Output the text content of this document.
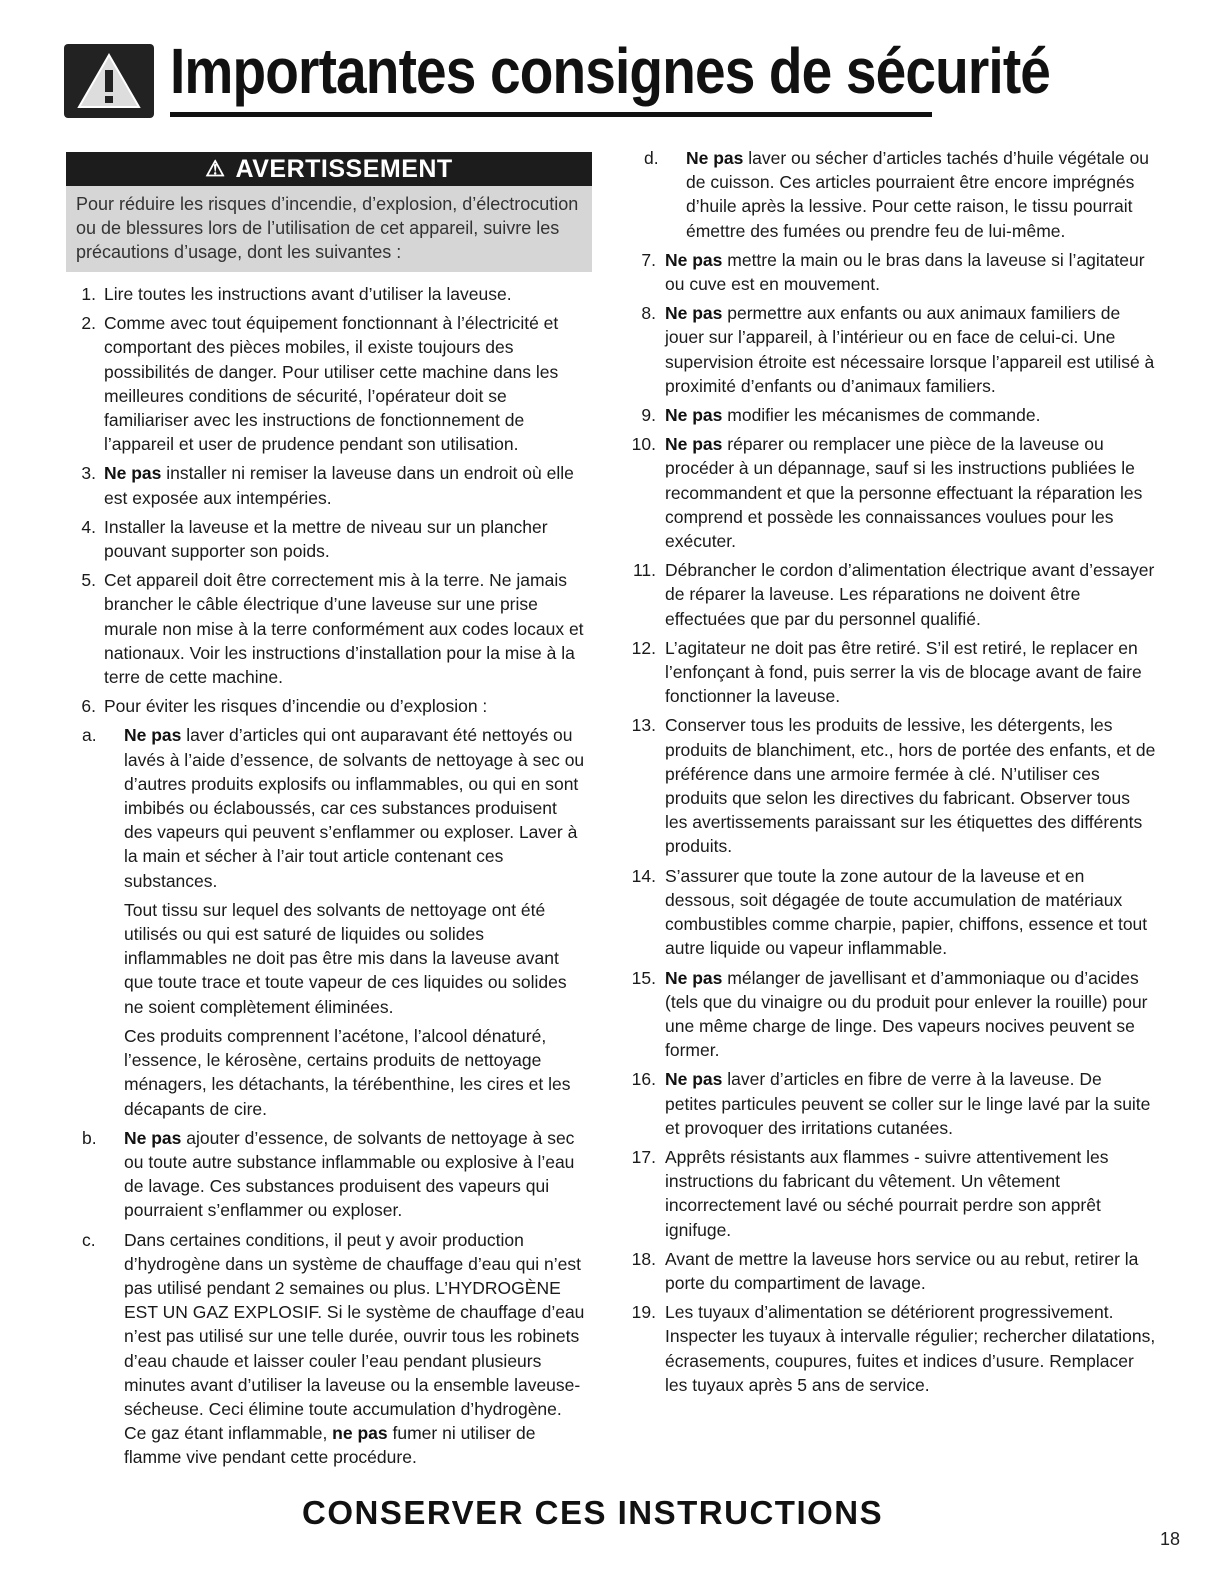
Importantes consignes de sécurité
⚠ AVERTISSEMENT
Pour réduire les risques d’incendie, d’explosion, d’électrocution ou de blessures lors de l’utilisation de cet appareil, suivre les précautions d’usage, dont les suivantes :
1. Lire toutes les instructions avant d’utiliser la laveuse.
2. Comme avec tout équipement fonctionnant à l’électricité et comportant des pièces mobiles, il existe toujours des possibilités de danger. Pour utiliser cette machine dans les meilleures conditions de sécurité, l’opérateur doit se familiariser avec les instructions de fonctionnement de l’appareil et user de prudence pendant son utilisation.
3. Ne pas installer ni remiser la laveuse dans un endroit où elle est exposée aux intempéries.
4. Installer la laveuse et la mettre de niveau sur un plancher pouvant supporter son poids.
5. Cet appareil doit être correctement mis à la terre. Ne jamais brancher le câble électrique d’une laveuse sur une prise murale non mise à la terre conformément aux codes locaux et nationaux. Voir les instructions d’installation pour la mise à la terre de cette machine.
6. Pour éviter les risques d’incendie ou d’explosion :
a.	Ne pas laver d’articles qui ont auparavant été nettoyés ou lavés à l’aide d’essence, de solvants de nettoyage à sec ou d’autres produits explosifs ou inflammables, ou qui en sont imbibés ou éclaboussés, car ces substances produisent des vapeurs qui peuvent s’enflammer ou exploser. Laver à la main et sécher à l’air tout article contenant ces substances.
Tout tissu sur lequel des solvants de nettoyage ont été utilisés ou qui est saturé de liquides ou solides inflammables ne doit pas être mis dans la laveuse avant que toute trace et toute vapeur de ces liquides ou solides ne soient complètement éliminées.
Ces produits comprennent l’acétone, l’alcool dénaturé, l’essence, le kérosène, certains produits de nettoyage ménagers, les détachants, la térébenthine, les cires et les décapants de cire.
b.	Ne pas ajouter d’essence, de solvants de nettoyage à sec ou toute autre substance inflammable ou explosive à l’eau de lavage. Ces substances produisent des vapeurs qui pourraient s’enflammer ou exploser.
c.	Dans certaines conditions, il peut y avoir production d’hydrogène dans un système de chauffage d’eau qui n’est pas utilisé pendant 2 semaines ou plus. L’HYDROGÈNE EST UN GAZ EXPLOSIF. Si le système de chauffage d’eau n’est pas utilisé sur une telle durée, ouvrir tous les robinets d’eau chaude et laisser couler l’eau pendant plusieurs minutes avant d’utiliser la laveuse ou la ensemble laveuse-sécheuse. Ceci élimine toute accumulation d’hydrogène. Ce gaz étant inflammable, ne pas fumer ni utiliser de flamme vive pendant cette procédure.
d.	Ne pas laver ou sécher d’articles tachés d’huile végétale ou de cuisson. Ces articles pourraient être encore imprégnés d’huile après la lessive. Pour cette raison, le tissu pourrait émettre des fumées ou prendre feu de lui-même.
7. Ne pas mettre la main ou le bras dans la laveuse si l’agitateur ou cuve est en mouvement.
8. Ne pas permettre aux enfants ou aux animaux familiers de jouer sur l’appareil, à l’intérieur ou en face de celui-ci. Une supervision étroite est nécessaire lorsque l’appareil est utilisé à proximité d’enfants ou d’animaux familiers.
9. Ne pas modifier les mécanismes de commande.
10. Ne pas réparer ou remplacer une pièce de la laveuse ou procéder à un dépannage, sauf si les instructions publiées le recommandent et que la personne effectuant la réparation les comprend et possède les connaissances voulues pour les exécuter.
11. Débrancher le cordon d’alimentation électrique avant d’essayer de réparer la laveuse. Les réparations ne doivent être effectuées que par du personnel qualifié.
12. L’agitateur ne doit pas être retiré. S’il est retiré, le replacer en l’enfonçant à fond, puis serrer la vis de blocage avant de faire fonctionner la laveuse.
13. Conserver tous les produits de lessive, les détergents, les produits de blanchiment, etc., hors de portée des enfants, et de préférence dans une armoire fermée à clé. N’utiliser ces produits que selon les directives du fabricant. Observer tous les avertissements paraissant sur les étiquettes des différents produits.
14. S’assurer que toute la zone autour de la laveuse et en dessous, soit dégagée de toute accumulation de matériaux combustibles comme charpie, papier, chiffons, essence et tout autre liquide ou vapeur inflammable.
15. Ne pas mélanger de javellisant et d’ammoniaque ou d’acides (tels que du vinaigre ou du produit pour enlever la rouille) pour une même charge de linge. Des vapeurs nocives peuvent se former.
16. Ne pas laver d’articles en fibre de verre à la laveuse. De petites particules peuvent se coller sur le linge lavé par la suite et provoquer des irritations cutanées.
17. Apprêts résistants aux flammes - suivre attentivement les instructions du fabricant du vêtement. Un vêtement incorrectement lavé ou séché pourrait perdre son apprêt ignifuge.
18. Avant de mettre la laveuse hors service ou au rebut, retirer la porte du compartiment de lavage.
19. Les tuyaux d’alimentation se détériorent progressivement. Inspecter les tuyaux à intervalle régulier; rechercher dilatations, écrasements, coupures, fuites et indices d’usure. Remplacer les tuyaux après 5 ans de service.
CONSERVER CES INSTRUCTIONS
18
